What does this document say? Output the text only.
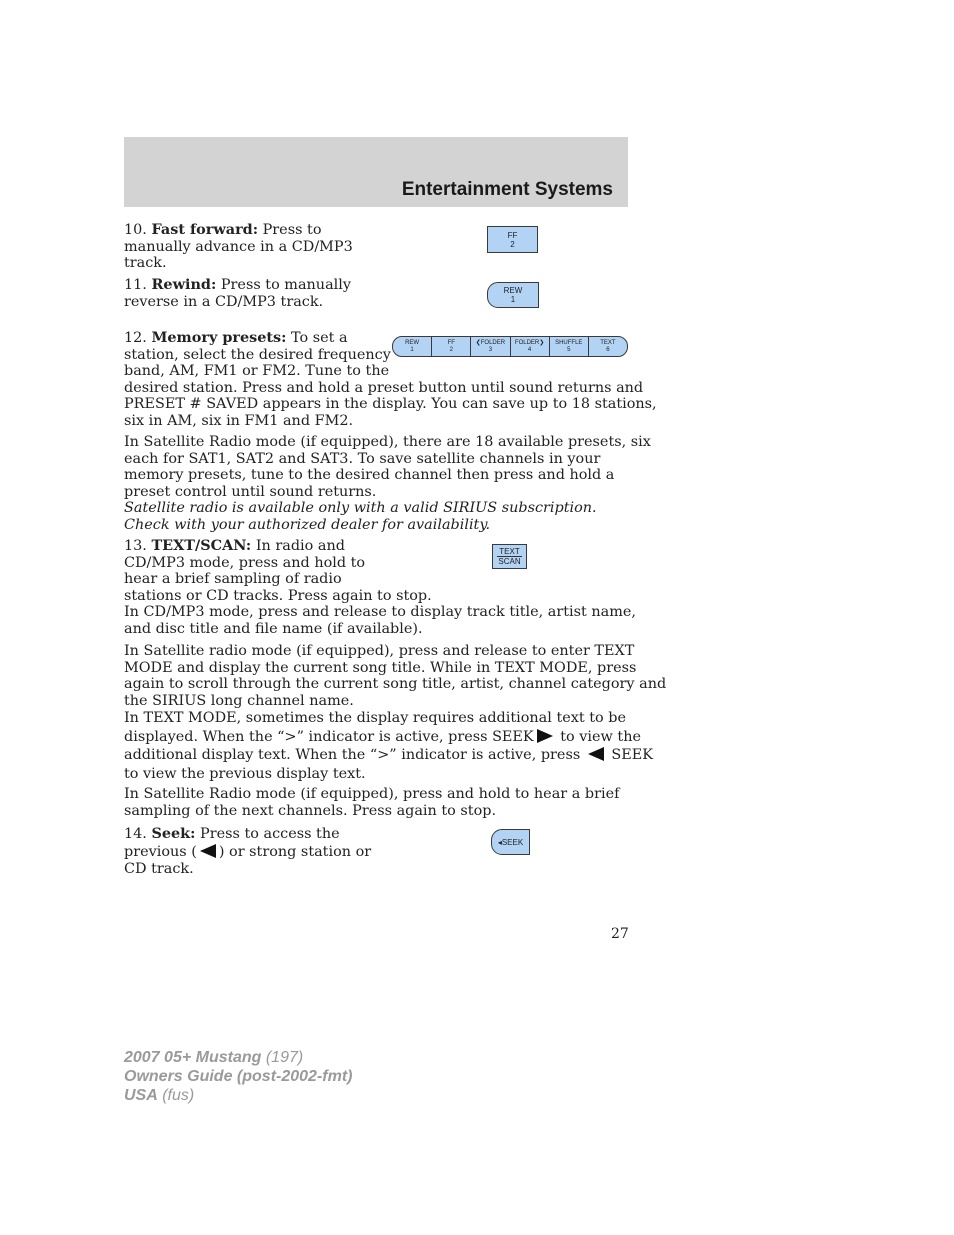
Entertainment Systems
10. Fast forward: Press to
manually advance in a CD/MP3
track.
FF
2
11. Rewind: Press to manually
reverse in a CD/MP3 track.
REW
1
12. Memory presets: To set a
station, select the desired frequency
band, AM, FM1 or FM2. Tune to the
desired station. Press and hold a preset button until sound returns and
PRESET # SAVED appears in the display. You can save up to 18 stations,
six in AM, six in FM1 and FM2.
REW
1
FF
2
❮FOLDER
3
FOLDER❯
4
SHUFFLE
5
TEXT
6
In Satellite Radio mode (if equipped), there are 18 available presets, six
each for SAT1, SAT2 and SAT3. To save satellite channels in your
memory presets, tune to the desired channel then press and hold a
preset control until sound returns.
Satellite radio is available only with a valid SIRIUS subscription.
Check with your authorized dealer for availability.
13. TEXT/SCAN: In radio and
CD/MP3 mode, press and hold to
hear a brief sampling of radio
stations or CD tracks. Press again to stop.
In CD/MP3 mode, press and release to display track title, artist name,
and disc title and file name (if available).
TEXT
SCAN
In Satellite radio mode (if equipped), press and release to enter TEXT
MODE and display the current song title. While in TEXT MODE, press
again to scroll through the current song title, artist, channel category and
the SIRIUS long channel name.
In TEXT MODE, sometimes the display requires additional text to be
displayed. When the “>” indicator is active, press SEEK to view the
additional display text. When the “>” indicator is active, press SEEK
to view the previous display text.
In Satellite Radio mode (if equipped), press and hold to hear a brief
sampling of the next channels. Press again to stop.
14. Seek: Press to access the
previous ( ) or strong station or
CD track.
◂SEEK
27
2007 05+ Mustang (197)
Owners Guide (post-2002-fmt)
USA (fus)
